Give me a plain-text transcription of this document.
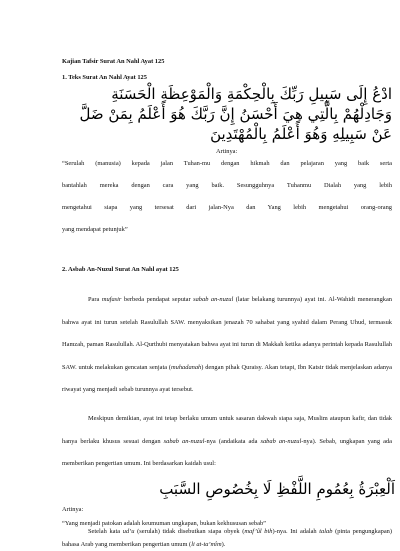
Kajian Tafsir Surat An Nahl Ayat 125
1. Teks Surat An Nahl Ayat 125
ادْعُ إِلَى سَبِيلِ رَبِّكَ بِالْحِكْمَةِ وَالْمَوْعِظَةِ الْحَسَنَةِ وَجَادِلْهُمْ بِالَّتِي هِيَ أَحْسَنُ إِنَّ رَبَّكَ هُوَ أَعْلَمُ بِمَنْ ضَلَّ عَنْ سَبِيلِهِ وَهُوَ أَعْلَمُ بِالْمُهْتَدِينَ
Artinya:
“Serulah (manusia) kepada jalan Tuhan-mu dengan hikmah dan pelajaran yang baik serta
bantahlah mereka dengan cara yang baik. Sesungguhnya Tuhanmu Dialah yang lebih
mengetahui siapa yang tersesat dari jalan-Nya dan Yang lebih mengetahui orang-orang
yang mendapat petunjuk”
2. Asbab An-Nuzul Surat An Nahl ayat 125
Para mufasir berbeda pendapat seputar sabab an-nuzul (latar belakang turunnya) ayat ini. Al-Wahidi menerangkan bahwa ayat ini turun setelah Rasulullah SAW. menyaksikan jenazah 70 sahabat yang syahid dalam Perang Uhud, termasuk Hamzah, paman Rasulullah. Al-Qurthubi menyatakan bahwa ayat ini turun di Makkah ketika adanya perintah kepada Rasulullah SAW. untuk melakukan gencatan senjata (muhadanah) dengan pihak Quraisy. Akan tetapi, Ibn Katsir tidak menjelaskan adanya riwayat yang menjadi sebab turunnya ayat tersebut.
Meskipun demikian, ayat ini tetap berlaku umum untuk sasaran dakwah siapa saja, Muslim ataupun kafir, dan tidak hanya berlaku khusus sesuai dengan sabab an-nuzul-nya (andaikata ada sabab an-nuzul-nya). Sebab, ungkapan yang ada memberikan pengertian umum. Ini berdasarkan kaidah usul:
اَلْعِبْرَةُ بِعُمُومِ اللَّفْظِ لَا بِخُصُوصِ السَّبَبِ
Artinya:
“Yang menjadi patokan adalah keumuman ungkapan, bukan kekhususan sebab”
Setelah kata ud’u (serulah) tidak disebutkan siapa obyek (maf’ûl bih)-nya. Ini adalah talab (pinta pengungkapan) bahasa Arab yang memberikan pengertian umum (li at-ta’mîm).
